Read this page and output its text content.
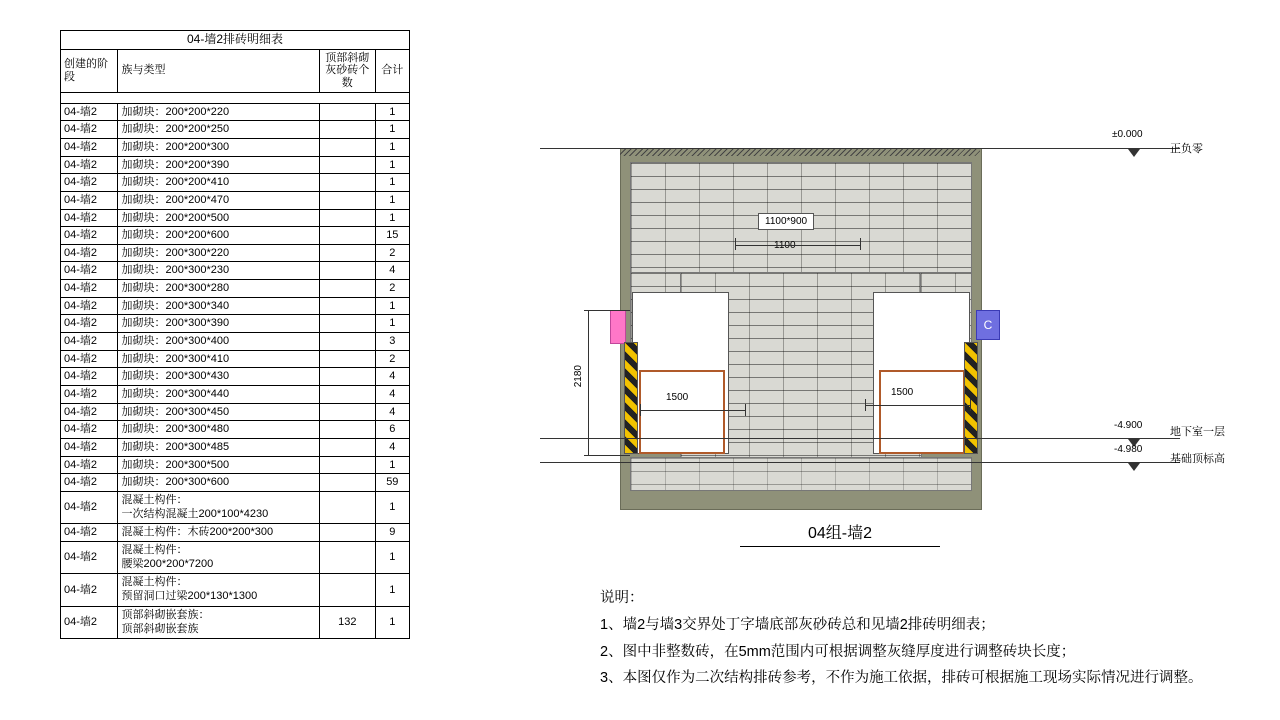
04-墙2排砖明细表			
创建的阶段	族与类型	顶部斜砌灰砂砖个数	合计

04-墙2	加砌块：200*200*220		1
04-墙2	加砌块：200*200*250		1
04-墙2	加砌块：200*200*300		1
04-墙2	加砌块：200*200*390		1
04-墙2	加砌块：200*200*410		1
04-墙2	加砌块：200*200*470		1
04-墙2	加砌块：200*200*500		1
04-墙2	加砌块：200*200*600		15
04-墙2	加砌块：200*300*220		2
04-墙2	加砌块：200*300*230		4
04-墙2	加砌块：200*300*280		2
04-墙2	加砌块：200*300*340		1
04-墙2	加砌块：200*300*390		1
04-墙2	加砌块：200*300*400		3
04-墙2	加砌块：200*300*410		2
04-墙2	加砌块：200*300*430		4
04-墙2	加砌块：200*300*440		4
04-墙2	加砌块：200*300*450		4
04-墙2	加砌块：200*300*480		6
04-墙2	加砌块：200*300*485		4
04-墙2	加砌块：200*300*500		1
04-墙2	加砌块：200*300*600		59
04-墙2	混凝土构件：
一次结构混凝土200*100*4230		1
04-墙2	混凝土构件：木砖200*200*300		9
04-墙2	混凝土构件：
腰梁200*200*7200		1
04-墙2	混凝土构件：
预留洞口过梁200*130*1300		1
04-墙2	顶部斜砌嵌套族：
顶部斜砌嵌套族	132	1
C
1100*900
1500	1500
2180
±0.000
正负零
-4.900
地下室一层
-4.980
基础顶标高
04组-墙2
说明：
1、墙2与墙3交界处丁字墙底部灰砂砖总和见墙2排砖明细表；
2、图中非整数砖，在5mm范围内可根据调整灰缝厚度进行调整砖块长度；
3、本图仅作为二次结构排砖参考，不作为施工依据，排砖可根据施工现场实际情况进行调整。
